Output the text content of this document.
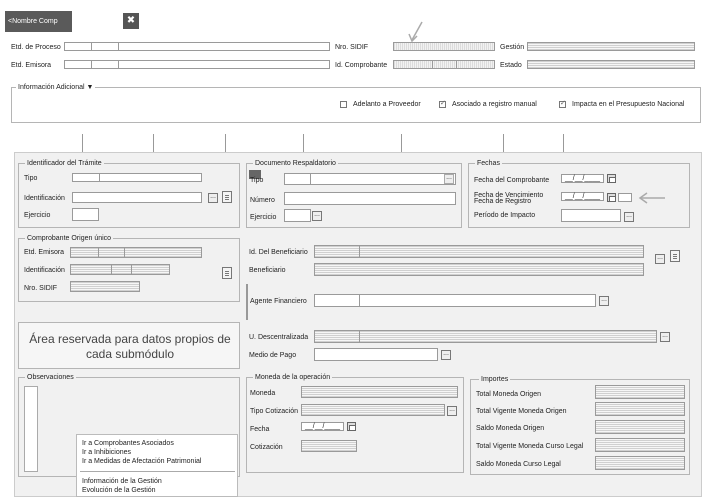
<Nombre Comp	✖
Etd. de Proceso
Etd. Emisora
Nro. SIDIF
Id. Comprobante
Gestión
Estado
Información Adicional ▼
Adelanto a Proveedor ✓	Asociado a registro manual ✓	Impacta en el Presupuesto Nacional
Identificador del Trámite
Tipo
Identificación	...
Ejercicio
Documento Respaldatorio
Tipo	...
Número
Ejercicio	...
Fechas
Fecha del Comprobante	__/__/____
Fecha de Vencimiento
Fecha de Registro
__/__/____
Período de Impacto	...
Comprobante Origen único
Etd. Emisora
Identificación
Nro. SIDIF
Id. Del Beneficiario
Beneficiario
...
Agente Financiero	...
Área reservada para datos propios de cada submódulo
U. Descentralizada	...
Medio de Pago	...
Observaciones	Moneda de la operación
Moneda
Tipo Cotización	...
Fecha	__/__/____
Cotización
Importes
Total Moneda Origen
Total Vigente Moneda Origen
Saldo Moneda Origen
Total Vigente Moneda Curso Legal
Saldo Moneda Curso Legal
Ir a Comprobantes Asociados
Ir a Inhibiciones
Ir a Medidas de Afectación Patrimonial
Información de la Gestión
Evolución de la Gestión
